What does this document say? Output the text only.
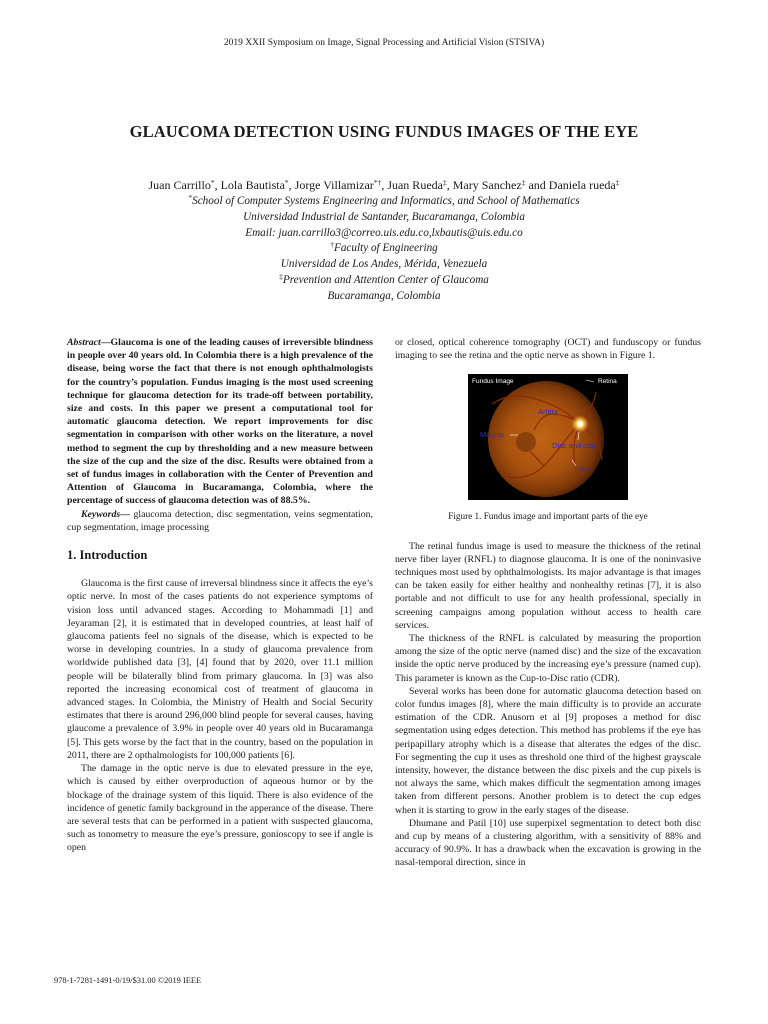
2019 XXII Symposium on Image, Signal Processing and Artificial Vision (STSIVA)
GLAUCOMA DETECTION USING FUNDUS IMAGES OF THE EYE
Juan Carrillo*, Lola Bautista*, Jorge Villamizar*†, Juan Rueda‡, Mary Sanchez‡ and Daniela rueda‡
*School of Computer Systems Engineering and Informatics, and School of Mathematics
Universidad Industrial de Santander, Bucaramanga, Colombia
Email: juan.carrillo3@correo.uis.edu.co,lxbautis@uis.edu.co
†Faculty of Engineering
Universidad de Los Andes, Mérida, Venezuela
‡Prevention and Attention Center of Glaucoma
Bucaramanga, Colombia

Abstract—Glaucoma is one of the leading causes of irreversible blindness in people over 40 years old. In Colombia there is a high prevalence of the disease, being worse the fact that there is not enough ophthalmologists for the country’s population. Fundus imaging is the most used screening technique for glaucoma detection for its trade-off between portability, size and costs. In this paper we present a computational tool for automatic glaucoma detection. We report improvements for disc segmentation in comparison with other works on the literature, a novel method to segment the cup by thresholding and a new measure between the size of the cup and the size of the disc. Results were obtained from a set of fundus images in collaboration with the Center of Prevention and Attention of Glaucoma in Bucaramanga, Colombia, where the percentage of success of glaucoma detection was of 88.5%.

Keywords— glaucoma detection, disc segmentation, veins segmentation, cup segmentation, image processing

1. Introduction

Glaucoma is the first cause of irreversal blindness since it affects the eye’s optic nerve. In most of the cases patients do not experience symptoms of vision loss until advanced stages. According to Mohammadi [1] and Jeyaraman [2], it is estimated that in developed countries, at least half of glaucoma patients feel no signals of the disease, which is expected to be worse in developing countries. In a study of glaucoma prevalence from worldwide published data [3], [4] found that by 2020, over 11.1 million people will be bilaterally blind from primary glaucoma. In [3] was also reported the increasing economical cost of treatment of glaucoma in advanced stages. In Colombia, the Ministry of Health and Social Security estimates that there is around 296,000 blind people for several causes, having glaucome a prevalence of 3.9% in people over 40 years old in Bucaramanga [5]. This gets worse by the fact that in the country, based on the population in 2011, there are 2 opthalmologists for 100,000 patients [6].

The damage in the optic nerve is due to elevated pressure in the eye, which is caused by either overproduction of aqueous humor or by the blockage of the drainage system of this liquid. There is also evidence of the incidence of genetic family background in the apperance of the disease. There are several tests that can be performed in a patient with suspected glaucoma, such as tonometry to measure the eye’s pressure, gonioscopy to see if angle is open

or closed, optical coherence tomography (OCT) and funduscopy or fundus imaging to see the retina and the optic nerve as shown in Figure 1.

Fundus Image	Retina
Artery
Macula
Disc and cup
Vein
Figure 1. Fundus image and important parts of the eye

The retinal fundus image is used to measure the thickness of the retinal nerve fiber layer (RNFL) to diagnose glaucoma. It is one of the noninvasive techniques most used by ophthalmologists. Its major advantage is that images can be taken easily for either healthy and nonhealthy retinas [7], it is also portable and not difficult to use for any health professional, specially in screening campaigns among population without access to health care services.

The thickness of the RNFL is calculated by measuring the proportion among the size of the optic nerve (named disc) and the size of the excavation inside the optic nerve produced by the increasing eye’s pressure (named cup). This parameter is known as the Cup-to-Disc ratio (CDR).

Several works has been done for automatic glaucoma detection based on color fundus images [8], where the main difficulty is to provide an accurate estimation of the CDR. Anusorn et al [9] proposes a method for disc segmentation using edges detection. This method has problems if the eye has peripapillary atrophy which is a disease that alterates the edges of the disc. For segmenting the cup it uses as threshold one third of the highest grayscale intensity, however, the distance between the disc pixels and the cup pixels is not always the same, which makes difficult the segmentation among images taken from different persons. Another problem is to detect the cup edges when it is starting to grow in the early stages of the disease.

Dhumane and Patil [10] use superpixel segmentation to detect both disc and cup by means of a clustering algorithm, with a sensitivity of 88% and accuracy of 90.9%. It has a drawback when the excavation is growing in the nasal-temporal direction, since in

978-1-7281-1491-0/19/$31.00 ©2019 IEEE
